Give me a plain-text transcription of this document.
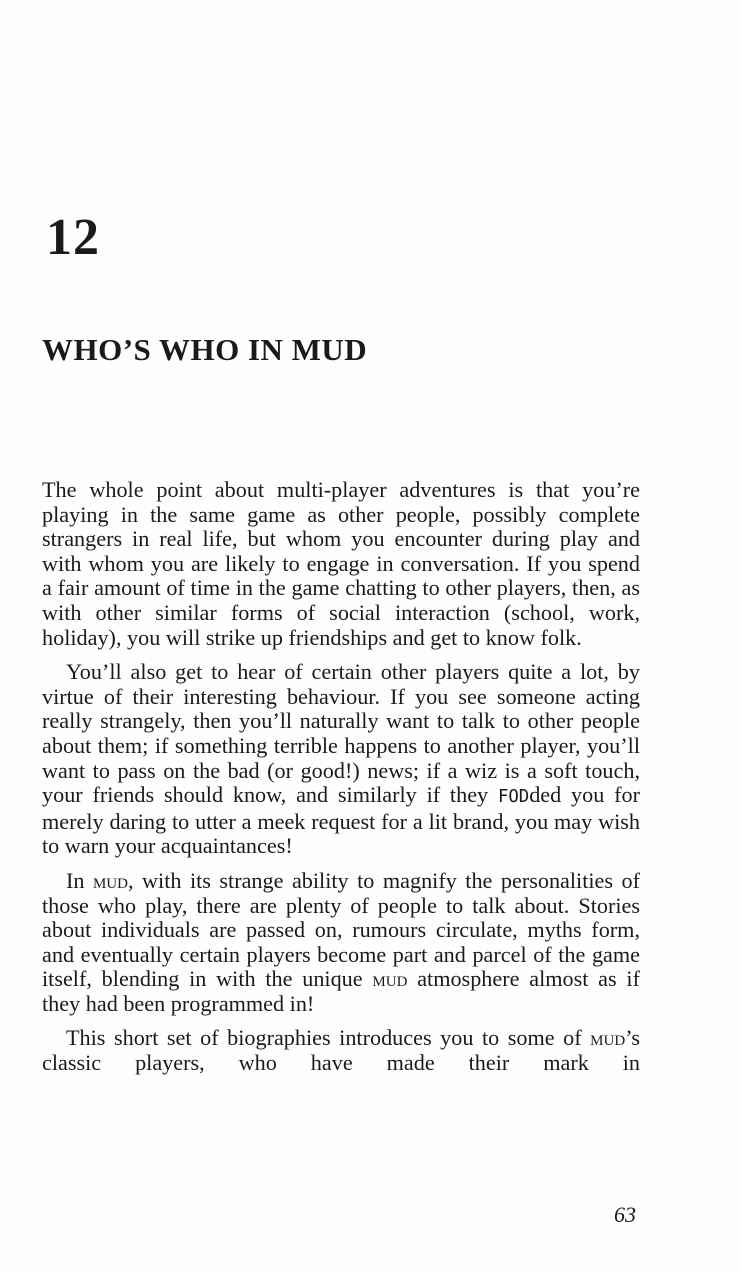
12
WHO’S WHO IN MUD

The whole point about multi-player adventures is that you’re playing in the same game as other people, possibly complete strangers in real life, but whom you encounter during play and with whom you are likely to engage in conversation. If you spend a fair amount of time in the game chatting to other players, then, as with other similar forms of social interaction (school, work, holiday), you will strike up friendships and get to know folk.

You’ll also get to hear of certain other players quite a lot, by virtue of their interesting behaviour. If you see someone acting really strangely, then you’ll naturally want to talk to other people about them; if something terrible happens to another player, you’ll want to pass on the bad (or good!) news; if a wiz is a soft touch, your friends should know, and similarly if they FODded you for merely daring to utter a meek request for a lit brand, you may wish to warn your acquaintances!

In mud, with its strange ability to magnify the personalities of those who play, there are plenty of people to talk about. Stories about individuals are passed on, rumours circulate, myths form, and eventually certain players become part and parcel of the game itself, blending in with the unique mud atmosphere almost as if they had been programmed in!

This short set of biographies introduces you to some of mud’s classic players, who have made their mark in

63
